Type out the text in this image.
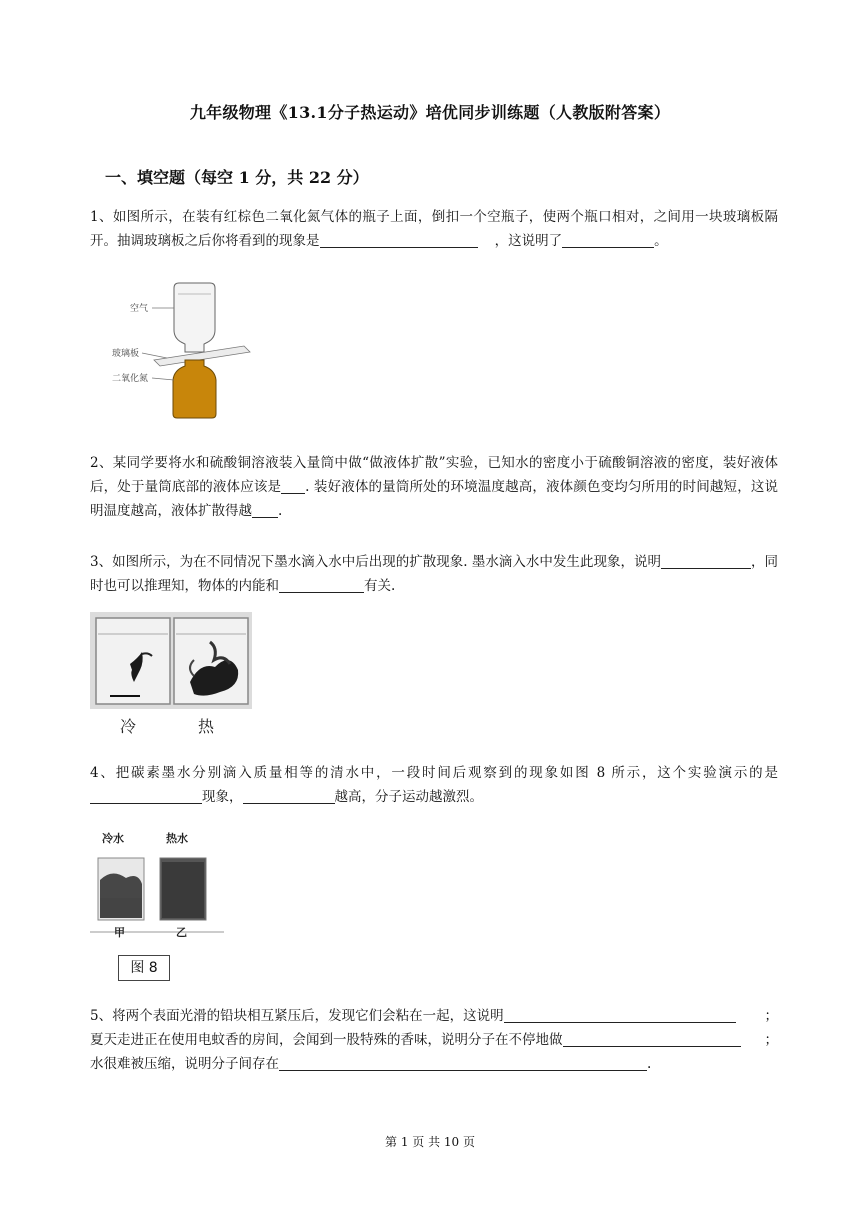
九年级物理《13.1分子热运动》培优同步训练题（人教版附答案）
一、填空题（每空 1 分，共 22 分）
1、如图所示，在装有红棕色二氧化氮气体的瓶子上面，倒扣一个空瓶子，使两个瓶口相对，之间用一块玻璃板隔开。抽调玻璃板之后你将看到的现象是	，这说明了	。
空气
玻璃板
二氧化氮
2、某同学要将水和硫酸铜溶液装入量筒中做“做液体扩散”实验，已知水的密度小于硫酸铜溶液的密度，装好液体后，处于量筒底部的液体应该是 . 装好液体的量筒所处的环境温度越高，液体颜色变均匀所用的时间越短，这说明温度越高，液体扩散得越 .
3、如图所示，为在不同情况下墨水滴入水中后出现的扩散现象. 墨水滴入水中发生此现象，说明	，同时也可以推理知，物体的内能和	有关.
冷	热
4、把碳素墨水分别滴入质量相等的清水中，一段时间后观察到的现象如图 8 所示，这个实验演示的是现象，	越高，分子运动越激烈。
冷水	热水
甲	乙
图 8
5、将两个表面光滑的铅块相互紧压后，发现它们会粘在一起，这说明	；
夏天走进正在使用电蚊香的房间，会闻到一股特殊的香味，说明分子在不停地做	；
水很难被压缩，说明分子间存在	.
第 1 页 共 10 页
